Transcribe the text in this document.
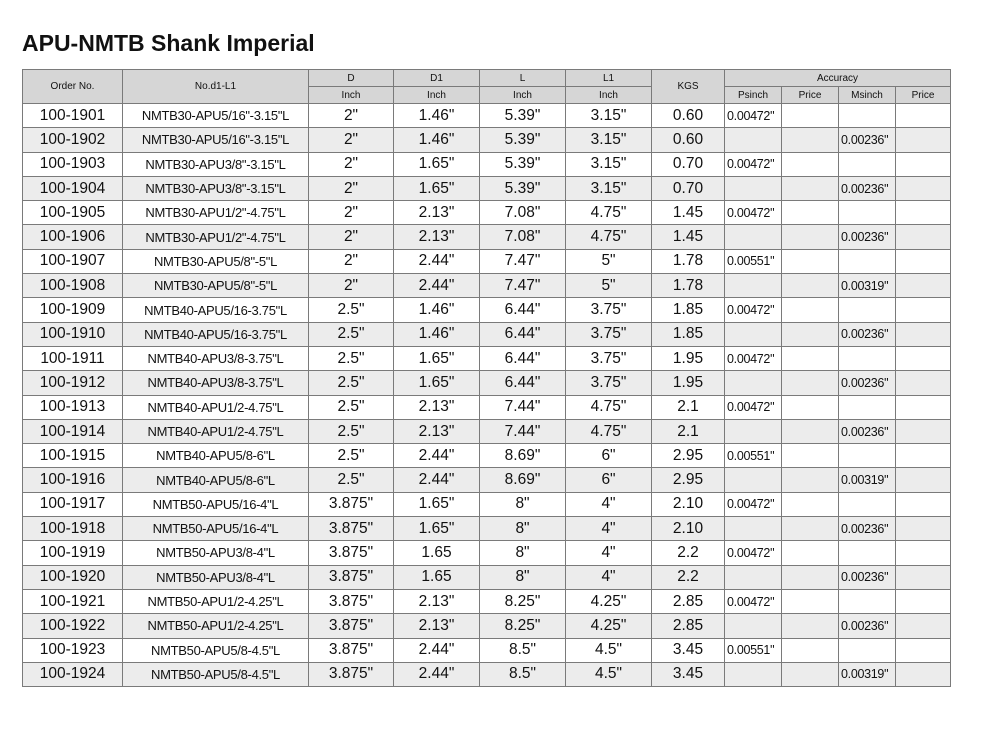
APU-NMTB Shank Imperial
Order No.	No.d1-L1	D	D1	L	L1	KGS	Accuracy			
		Inch	Inch	Inch	Inch		Psinch	Price	Msinch	Price
100-1901	NMTB30-APU5/16"-3.15"L	2"	1.46"	5.39"	3.15"	0.60	0.00472"			
100-1902	NMTB30-APU5/16"-3.15"L	2"	1.46"	5.39"	3.15"	0.60			0.00236"	
100-1903	NMTB30-APU3/8"-3.15"L	2"	1.65"	5.39"	3.15"	0.70	0.00472"			
100-1904	NMTB30-APU3/8"-3.15"L	2"	1.65"	5.39"	3.15"	0.70			0.00236"	
100-1905	NMTB30-APU1/2"-4.75"L	2"	2.13"	7.08"	4.75"	1.45	0.00472"			
100-1906	NMTB30-APU1/2"-4.75"L	2"	2.13"	7.08"	4.75"	1.45			0.00236"	
100-1907	NMTB30-APU5/8"-5"L	2"	2.44"	7.47"	5"	1.78	0.00551"			
100-1908	NMTB30-APU5/8"-5"L	2"	2.44"	7.47"	5"	1.78			0.00319"	
100-1909	NMTB40-APU5/16-3.75"L	2.5"	1.46"	6.44"	3.75"	1.85	0.00472"			
100-1910	NMTB40-APU5/16-3.75"L	2.5"	1.46"	6.44"	3.75"	1.85			0.00236"	
100-1911	NMTB40-APU3/8-3.75"L	2.5"	1.65"	6.44"	3.75"	1.95	0.00472"			
100-1912	NMTB40-APU3/8-3.75"L	2.5"	1.65"	6.44"	3.75"	1.95			0.00236"	
100-1913	NMTB40-APU1/2-4.75"L	2.5"	2.13"	7.44"	4.75"	2.1	0.00472"			
100-1914	NMTB40-APU1/2-4.75"L	2.5"	2.13"	7.44"	4.75"	2.1			0.00236"	
100-1915	NMTB40-APU5/8-6"L	2.5"	2.44"	8.69"	6"	2.95	0.00551"			
100-1916	NMTB40-APU5/8-6"L	2.5"	2.44"	8.69"	6"	2.95			0.00319"	
100-1917	NMTB50-APU5/16-4"L	3.875"	1.65"	8"	4"	2.10	0.00472"			
100-1918	NMTB50-APU5/16-4"L	3.875"	1.65"	8"	4"	2.10			0.00236"	
100-1919	NMTB50-APU3/8-4"L	3.875"	1.65	8"	4"	2.2	0.00472"			
100-1920	NMTB50-APU3/8-4"L	3.875"	1.65	8"	4"	2.2			0.00236"	
100-1921	NMTB50-APU1/2-4.25"L	3.875"	2.13"	8.25"	4.25"	2.85	0.00472"			
100-1922	NMTB50-APU1/2-4.25"L	3.875"	2.13"	8.25"	4.25"	2.85			0.00236"	
100-1923	NMTB50-APU5/8-4.5"L	3.875"	2.44"	8.5"	4.5"	3.45	0.00551"			
100-1924	NMTB50-APU5/8-4.5"L	3.875"	2.44"	8.5"	4.5"	3.45			0.00319"	
